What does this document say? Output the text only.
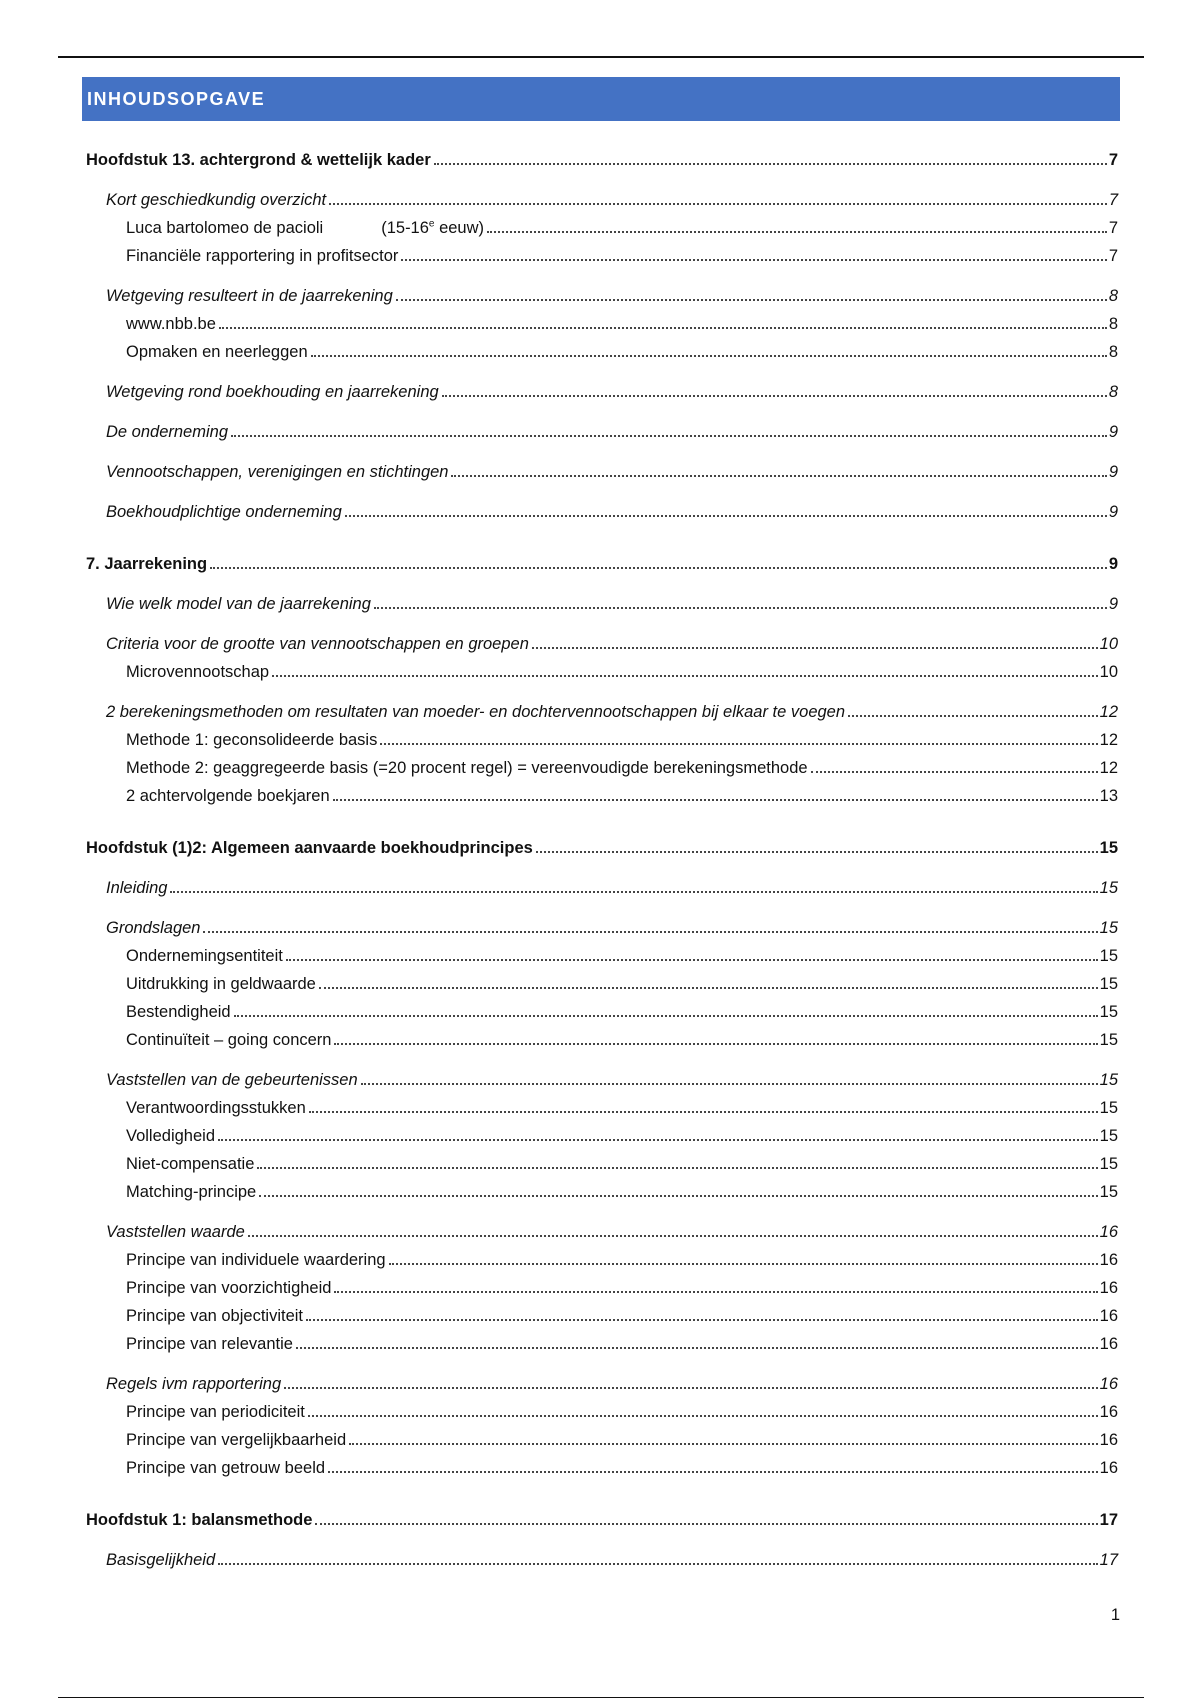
INHOUDSOPGAVE
Hoofdstuk 13. achtergrond & wettelijk kader	7
Kort geschiedkundig overzicht	7
Luca bartolomeo de pacioli	(15-16e eeuw)	7
Financiële rapportering in profitsector	7
Wetgeving resulteert in de jaarrekening	8
www.nbb.be	8
Opmaken en neerleggen	8
Wetgeving rond boekhouding en jaarrekening	8
De onderneming	9
Vennootschappen, verenigingen en stichtingen	9
Boekhoudplichtige onderneming	9
7. Jaarrekening	9
Wie welk model van de jaarrekening	9
Criteria voor de grootte van vennootschappen en groepen	10
Microvennootschap	10
2 berekeningsmethoden om resultaten van moeder- en dochtervennootschappen bij elkaar te voegen	12
Methode 1: geconsolideerde basis	12
Methode 2: geaggregeerde basis (=20 procent regel) = vereenvoudigde berekeningsmethode	12
2 achtervolgende boekjaren	13
Hoofdstuk (1)2: Algemeen aanvaarde boekhoudprincipes	15
Inleiding	15
Grondslagen	15
Ondernemingsentiteit	15
Uitdrukking in geldwaarde	15
Bestendigheid	15
Continuïteit – going concern	15
Vaststellen van de gebeurtenissen	15
Verantwoordingsstukken	15
Volledigheid	15
Niet-compensatie	15
Matching-principe	15
Vaststellen waarde	16
Principe van individuele waardering	16
Principe van voorzichtigheid	16
Principe van objectiviteit	16
Principe van relevantie	16
Regels ivm rapportering	16
Principe van periodiciteit	16
Principe van vergelijkbaarheid	16
Principe van getrouw beeld	16
Hoofdstuk 1: balansmethode	17
Basisgelijkheid	17
1
